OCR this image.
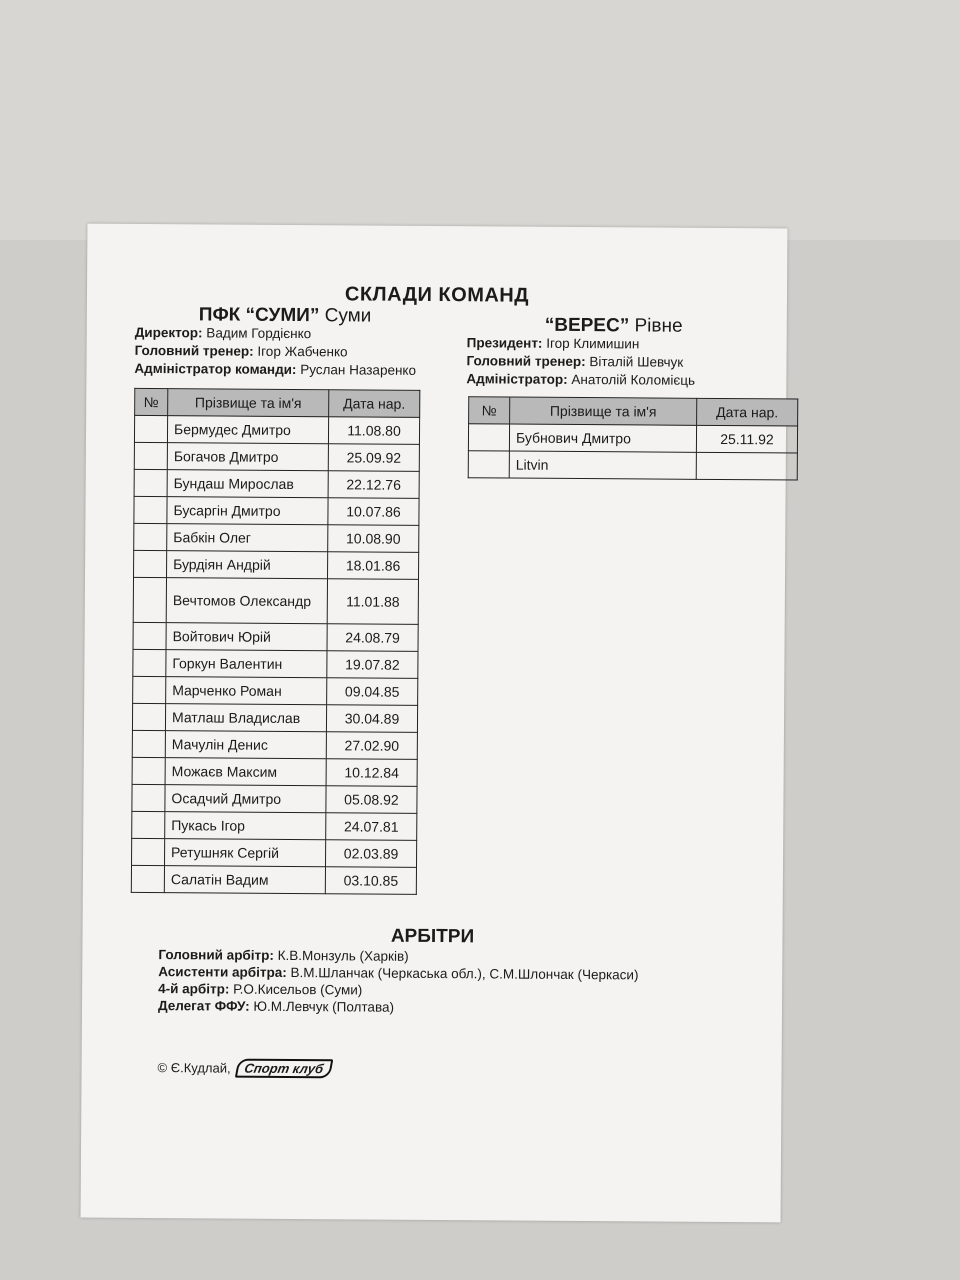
СКЛАДИ КОМАНД
ПФК “СУМИ” Суми
Директор: Вадим Гордієнко
Головний тренер: Ігор Жабченко
Адміністратор команди: Руслан Назаренко
№	Прізвище та ім'я	Дата нар.
	Бермудес Дмитро	11.08.80
	Богачов Дмитро	25.09.92
	Бундаш Мирослав	22.12.76
	Бусаргін Дмитро	10.07.86
	Бабкін Олег	10.08.90
	Бурдіян Андрій	18.01.86
	Вечтомов Олександр	11.01.88
	Войтович Юрій	24.08.79
	Горкун Валентин	19.07.82
	Марченко Роман	09.04.85
	Матлаш Владислав	30.04.89
	Мачулін Денис	27.02.90
	Можаєв Максим	10.12.84
	Осадчий Дмитро	05.08.92
	Пукась Ігор	24.07.81
	Ретушняк Сергій	02.03.89
	Салатін Вадим	03.10.85
“ВЕРЕС” Рівне
Президент: Ігор Климишин
Головний тренер: Віталій Шевчук
Адміністратор: Анатолій Коломієць
№	Прізвище та ім'я	Дата нар.
	Бубнович Дмитро	25.11.92
	Litvin	
АРБІТРИ
Головний арбітр: К.В.Монзуль (Харків)
Асистенти арбітра: В.М.Шланчак (Черкаська обл.), С.М.Шлончак (Черкаси)
4-й арбітр: Р.О.Кисельов (Суми)
Делегат ФФУ: Ю.М.Левчук (Полтава)
© Є.Кудлай, Спорт клуб
